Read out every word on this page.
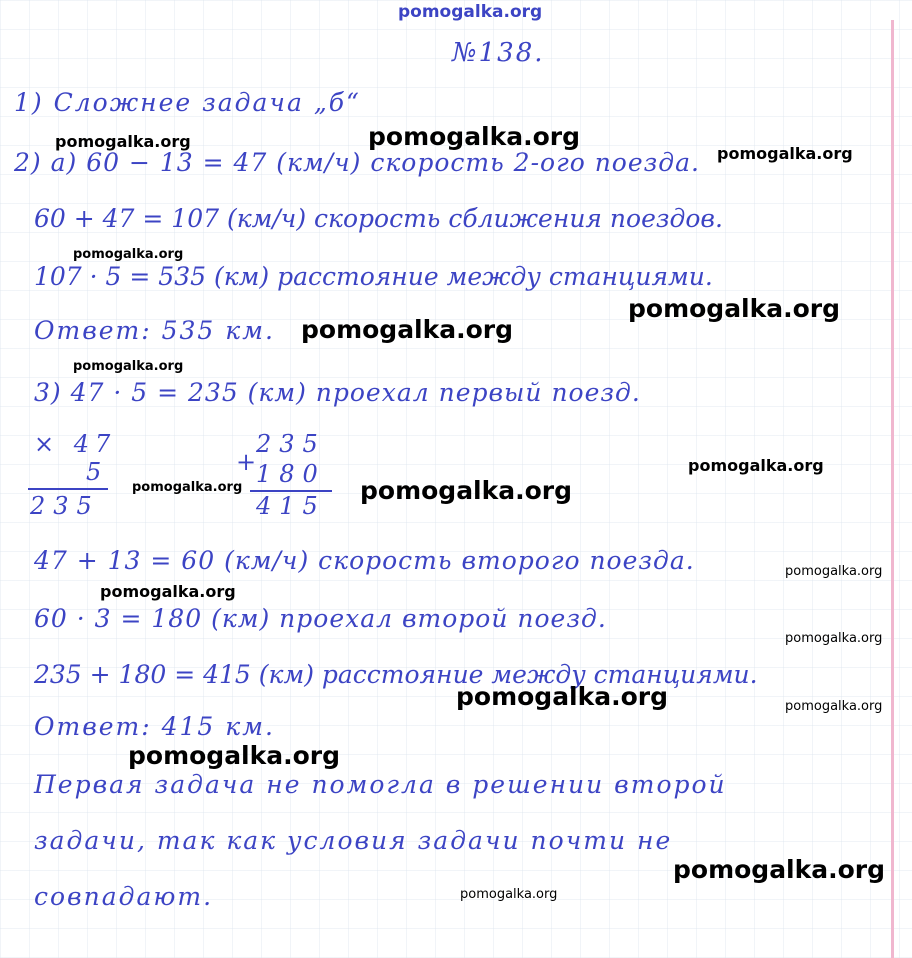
pomogalka.org
№138.
1) Сложнее задача „б“
2) а) 60 − 13 = 47 (км/ч) скорость 2-ого поезда.
60 + 47 = 107 (км/ч) скорость сближения поездов.
107 · 5 = 535 (км) расстояние между станциями.
Ответ: 535 км.
3) 47 · 5 = 235 (км) проехал первый поезд.
× 47
5
235
235
+
180
415
47 + 13 = 60 (км/ч) скорость второго поезда.
60 · 3 = 180 (км) проехал второй поезд.
235 + 180 = 415 (км) расстояние между станциями.
Ответ: 415 км.
Первая задача не помогла в решении второй
задачи, так как условия задачи почти не
совпадают.
pomogalka.org	pomogalka.org
pomogalka.org
pomogalka.org
pomogalka.org
pomogalka.org
pomogalka.org
pomogalka.org
pomogalka.org	pomogalka.org
pomogalka.org
pomogalka.org
pomogalka.org
pomogalka.org	pomogalka.org
pomogalka.org
pomogalka.org
pomogalka.org
